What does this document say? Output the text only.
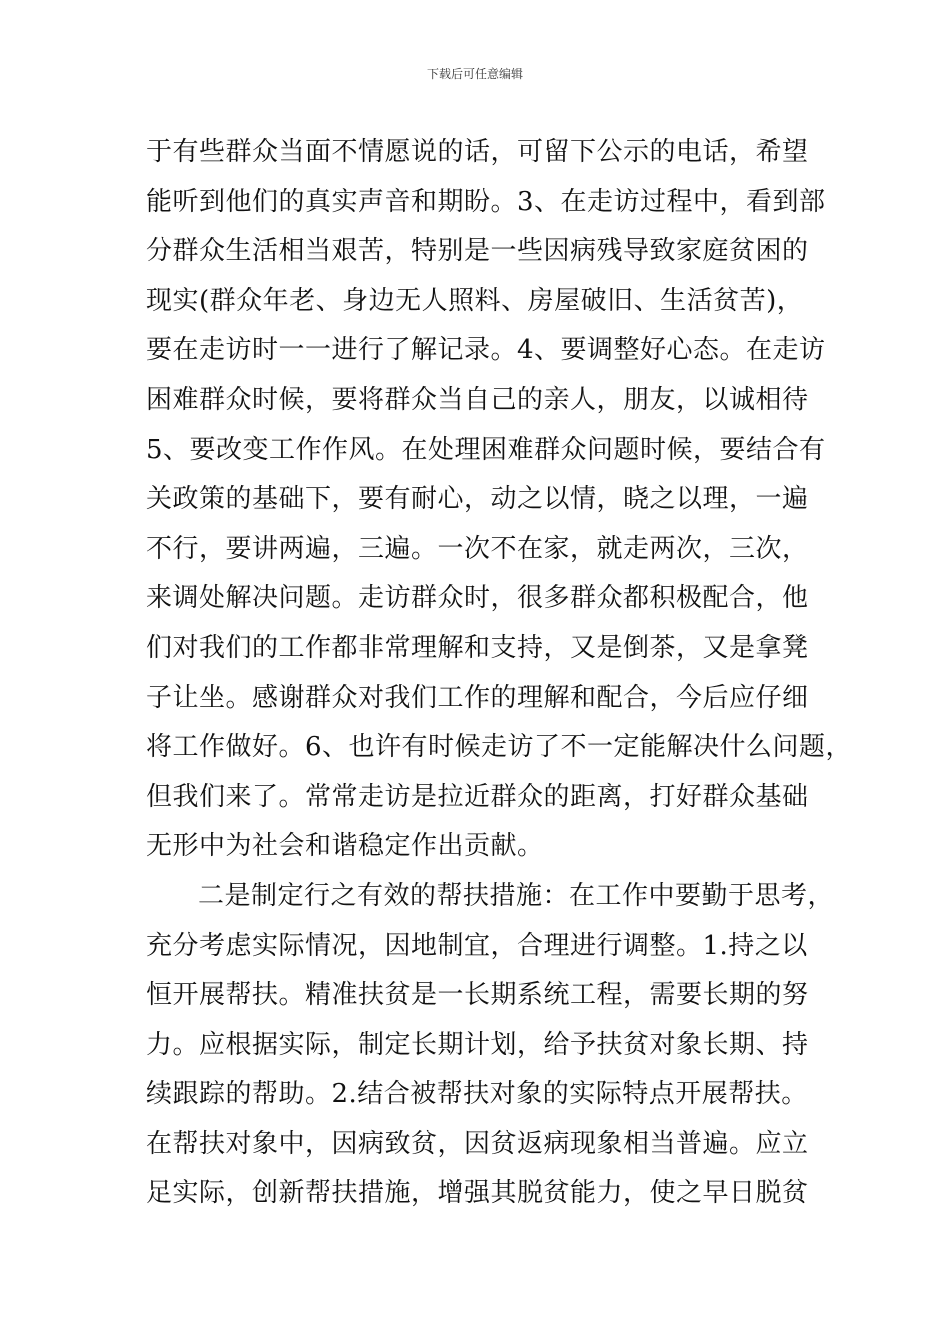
下载后可任意编辑
于有些群众当面不情愿说的话，可留下公示的电话，希望
能听到他们的真实声音和期盼。3、在走访过程中，看到部
分群众生活相当艰苦，特别是一些因病残导致家庭贫困的
现实(群众年老、身边无人照料、房屋破旧、生活贫苦)，
要在走访时一一进行了解记录。4、要调整好心态。在走访
困难群众时候，要将群众当自己的亲人，朋友，以诚相待
5、要改变工作作风。在处理困难群众问题时候，要结合有
关政策的基础下，要有耐心，动之以情，晓之以理，一遍
不行，要讲两遍，三遍。一次不在家，就走两次，三次，
来调处解决问题。走访群众时，很多群众都积极配合，他
们对我们的工作都非常理解和支持，又是倒茶，又是拿凳
子让坐。感谢群众对我们工作的理解和配合，今后应仔细
将工作做好。6、也许有时候走访了不一定能解决什么问题，
但我们来了。常常走访是拉近群众的距离，打好群众基础
无形中为社会和谐稳定作出贡献。
二是制定行之有效的帮扶措施：在工作中要勤于思考，
充分考虑实际情况，因地制宜，合理进行调整。1.持之以
恒开展帮扶。精准扶贫是一长期系统工程，需要长期的努
力。应根据实际，制定长期计划，给予扶贫对象长期、持
续跟踪的帮助。2.结合被帮扶对象的实际特点开展帮扶。
在帮扶对象中，因病致贫，因贫返病现象相当普遍。应立
足实际，创新帮扶措施，增强其脱贫能力，使之早日脱贫
